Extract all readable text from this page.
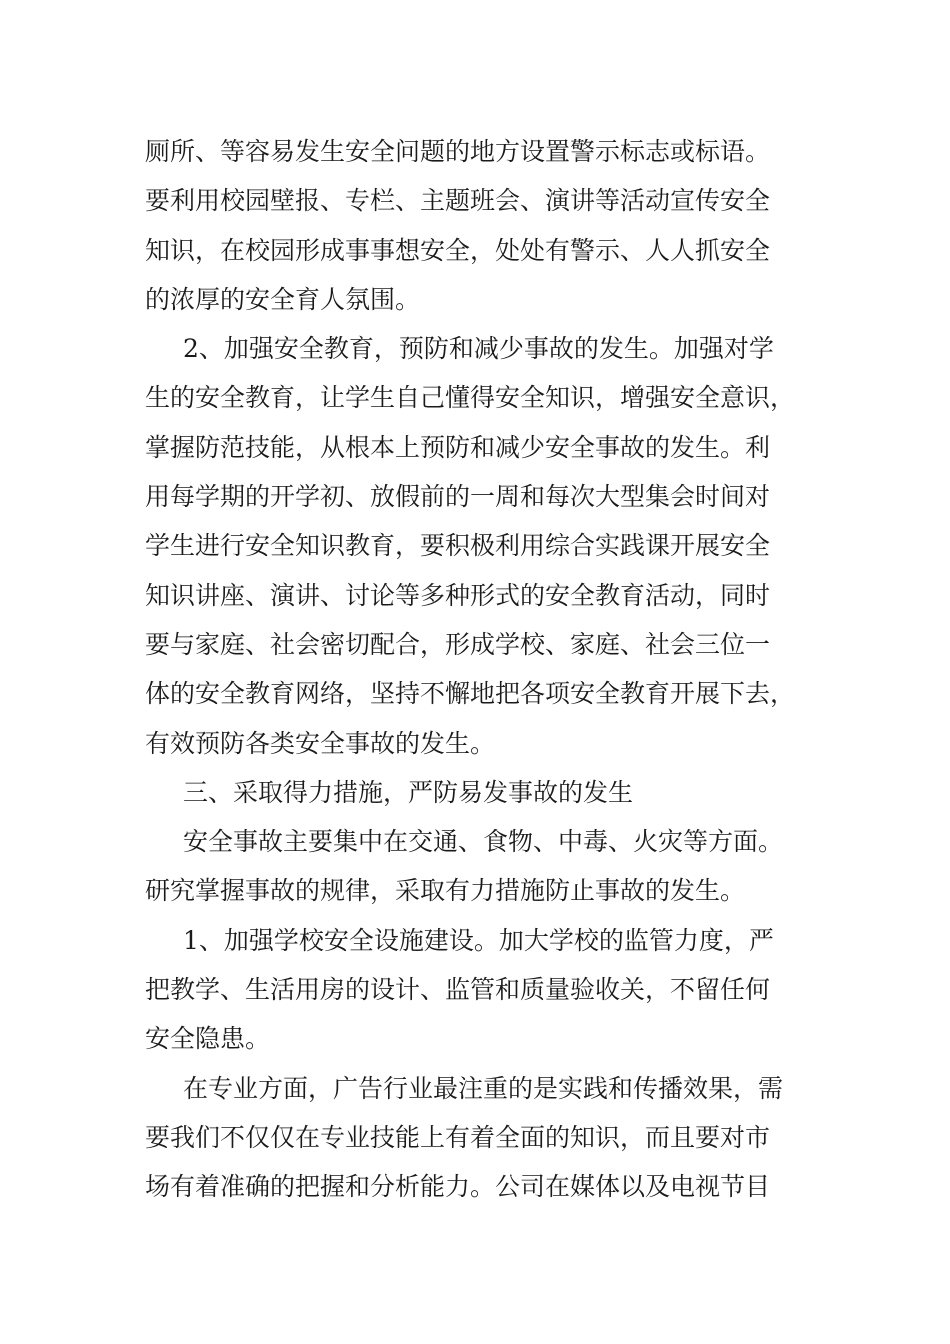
厕所、等容易发生安全问题的地方设置警示标志或标语。

要利用校园壁报、专栏、主题班会、演讲等活动宣传安全

知识，在校园形成事事想安全，处处有警示、人人抓安全

的浓厚的安全育人氛围。

2、加强安全教育，预防和减少事故的发生。加强对学

生的安全教育，让学生自己懂得安全知识，增强安全意识，

掌握防范技能，从根本上预防和减少安全事故的发生。利

用每学期的开学初、放假前的一周和每次大型集会时间对

学生进行安全知识教育，要积极利用综合实践课开展安全

知识讲座、演讲、讨论等多种形式的安全教育活动，同时

要与家庭、社会密切配合，形成学校、家庭、社会三位一

体的安全教育网络，坚持不懈地把各项安全教育开展下去，

有效预防各类安全事故的发生。

三、采取得力措施，严防易发事故的发生

安全事故主要集中在交通、食物、中毒、火灾等方面。

研究掌握事故的规律，采取有力措施防止事故的发生。

1、加强学校安全设施建设。加大学校的监管力度，严

把教学、生活用房的设计、监管和质量验收关，不留任何

安全隐患。

在专业方面，广告行业最注重的是实践和传播效果，需

要我们不仅仅在专业技能上有着全面的知识，而且要对市

场有着准确的把握和分析能力。公司在媒体以及电视节目
